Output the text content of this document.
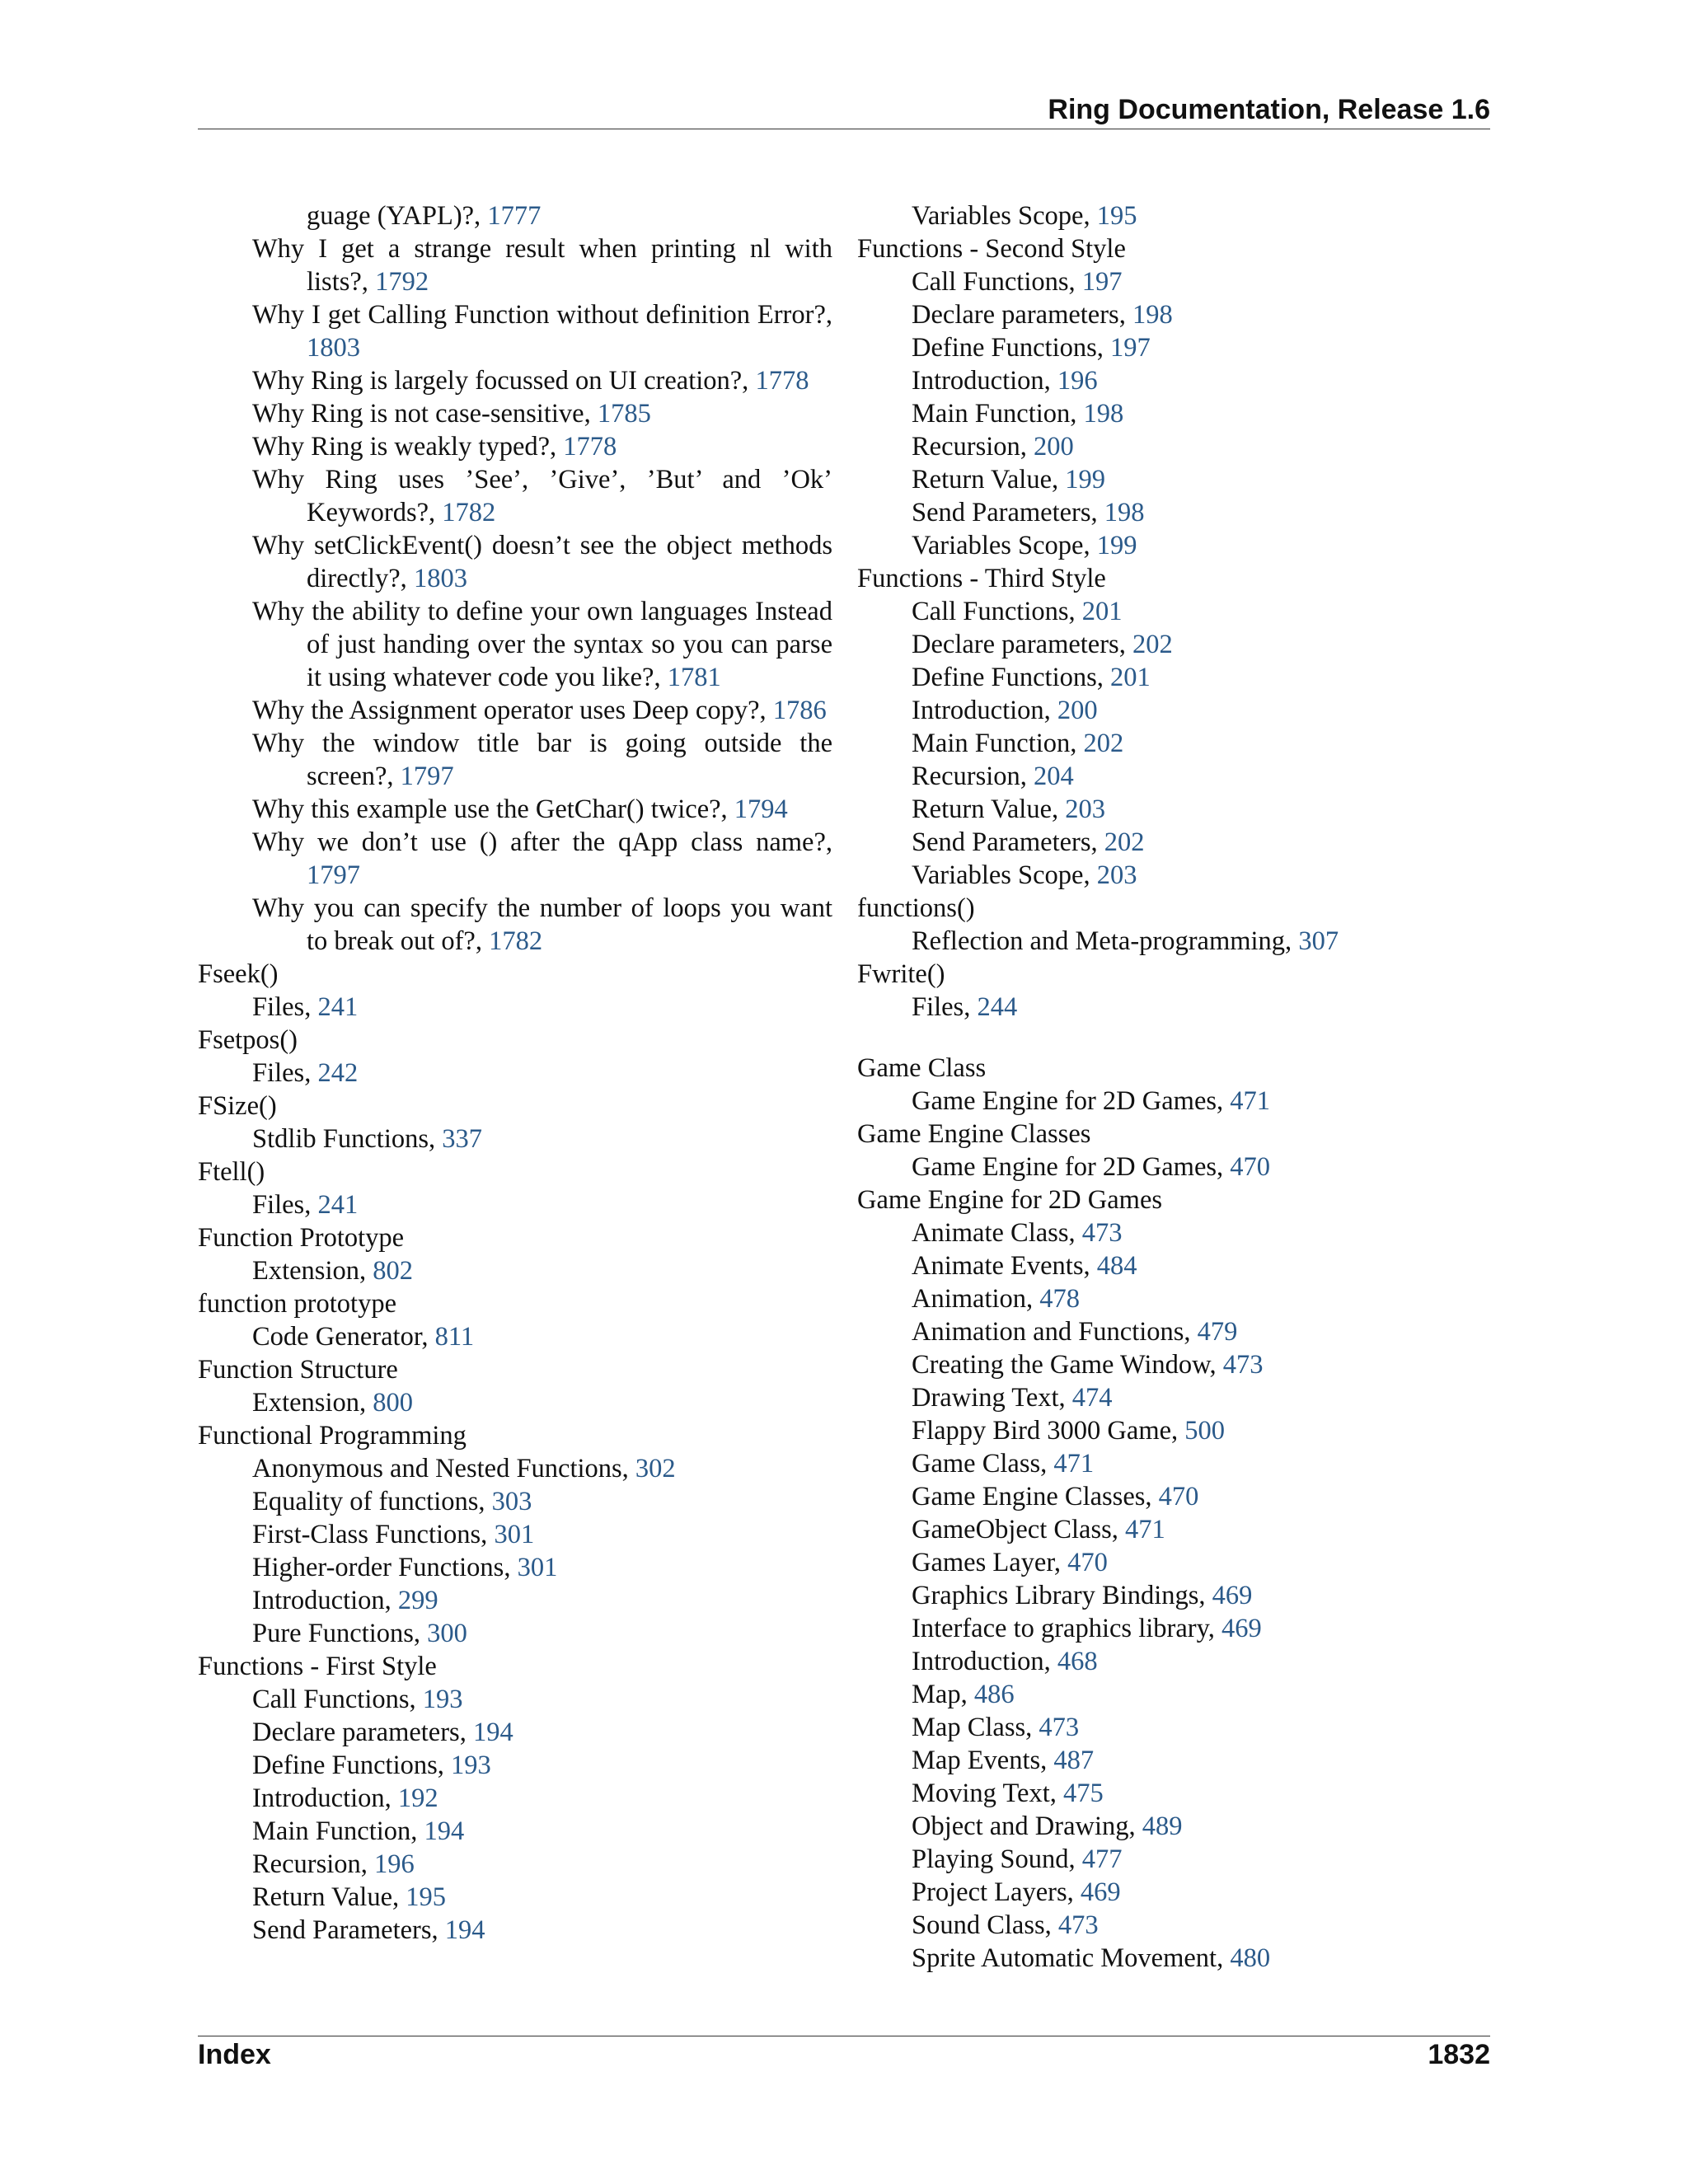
Ring Documentation, Release 1.6

guage (YAPL)?, 1777

Why I get a strange result when printing nl with lists?, 1792

Why I get Calling Function without definition Error?, 1803

Why Ring is largely focussed on UI creation?, 1778

Why Ring is not case-sensitive, 1785

Why Ring is weakly typed?, 1778

Why Ring uses ’See’, ’Give’, ’But’ and ’Ok’ Keywords?, 1782

Why setClickEvent() doesn’t see the object methods directly?, 1803

Why the ability to define your own languages Instead of just handing over the syntax so you can parse it using whatever code you like?, 1781

Why the Assignment operator uses Deep copy?, 1786

Why the window title bar is going outside the screen?, 1797

Why this example use the GetChar() twice?, 1794

Why we don’t use () after the qApp class name?, 1797

Why you can specify the number of loops you want to break out of?, 1782

Fseek()

Files, 241

Fsetpos()

Files, 242

FSize()

Stdlib Functions, 337

Ftell()

Files, 241

Function Prototype

Extension, 802

function prototype

Code Generator, 811

Function Structure

Extension, 800

Functional Programming

Anonymous and Nested Functions, 302

Equality of functions, 303

First-Class Functions, 301

Higher-order Functions, 301

Introduction, 299

Pure Functions, 300

Functions - First Style

Call Functions, 193

Declare parameters, 194

Define Functions, 193

Introduction, 192

Main Function, 194

Recursion, 196

Return Value, 195

Send Parameters, 194

Variables Scope, 195

Functions - Second Style

Call Functions, 197

Declare parameters, 198

Define Functions, 197

Introduction, 196

Main Function, 198

Recursion, 200

Return Value, 199

Send Parameters, 198

Variables Scope, 199

Functions - Third Style

Call Functions, 201

Declare parameters, 202

Define Functions, 201

Introduction, 200

Main Function, 202

Recursion, 204

Return Value, 203

Send Parameters, 202

Variables Scope, 203

functions()

Reflection and Meta-programming, 307

Fwrite()

Files, 244

Game Class

Game Engine for 2D Games, 471

Game Engine Classes

Game Engine for 2D Games, 470

Game Engine for 2D Games

Animate Class, 473

Animate Events, 484

Animation, 478

Animation and Functions, 479

Creating the Game Window, 473

Drawing Text, 474

Flappy Bird 3000 Game, 500

Game Class, 471

Game Engine Classes, 470

GameObject Class, 471

Games Layer, 470

Graphics Library Bindings, 469

Interface to graphics library, 469

Introduction, 468

Map, 486

Map Class, 473

Map Events, 487

Moving Text, 475

Object and Drawing, 489

Playing Sound, 477

Project Layers, 469

Sound Class, 473

Sprite Automatic Movement, 480

Index	1832
